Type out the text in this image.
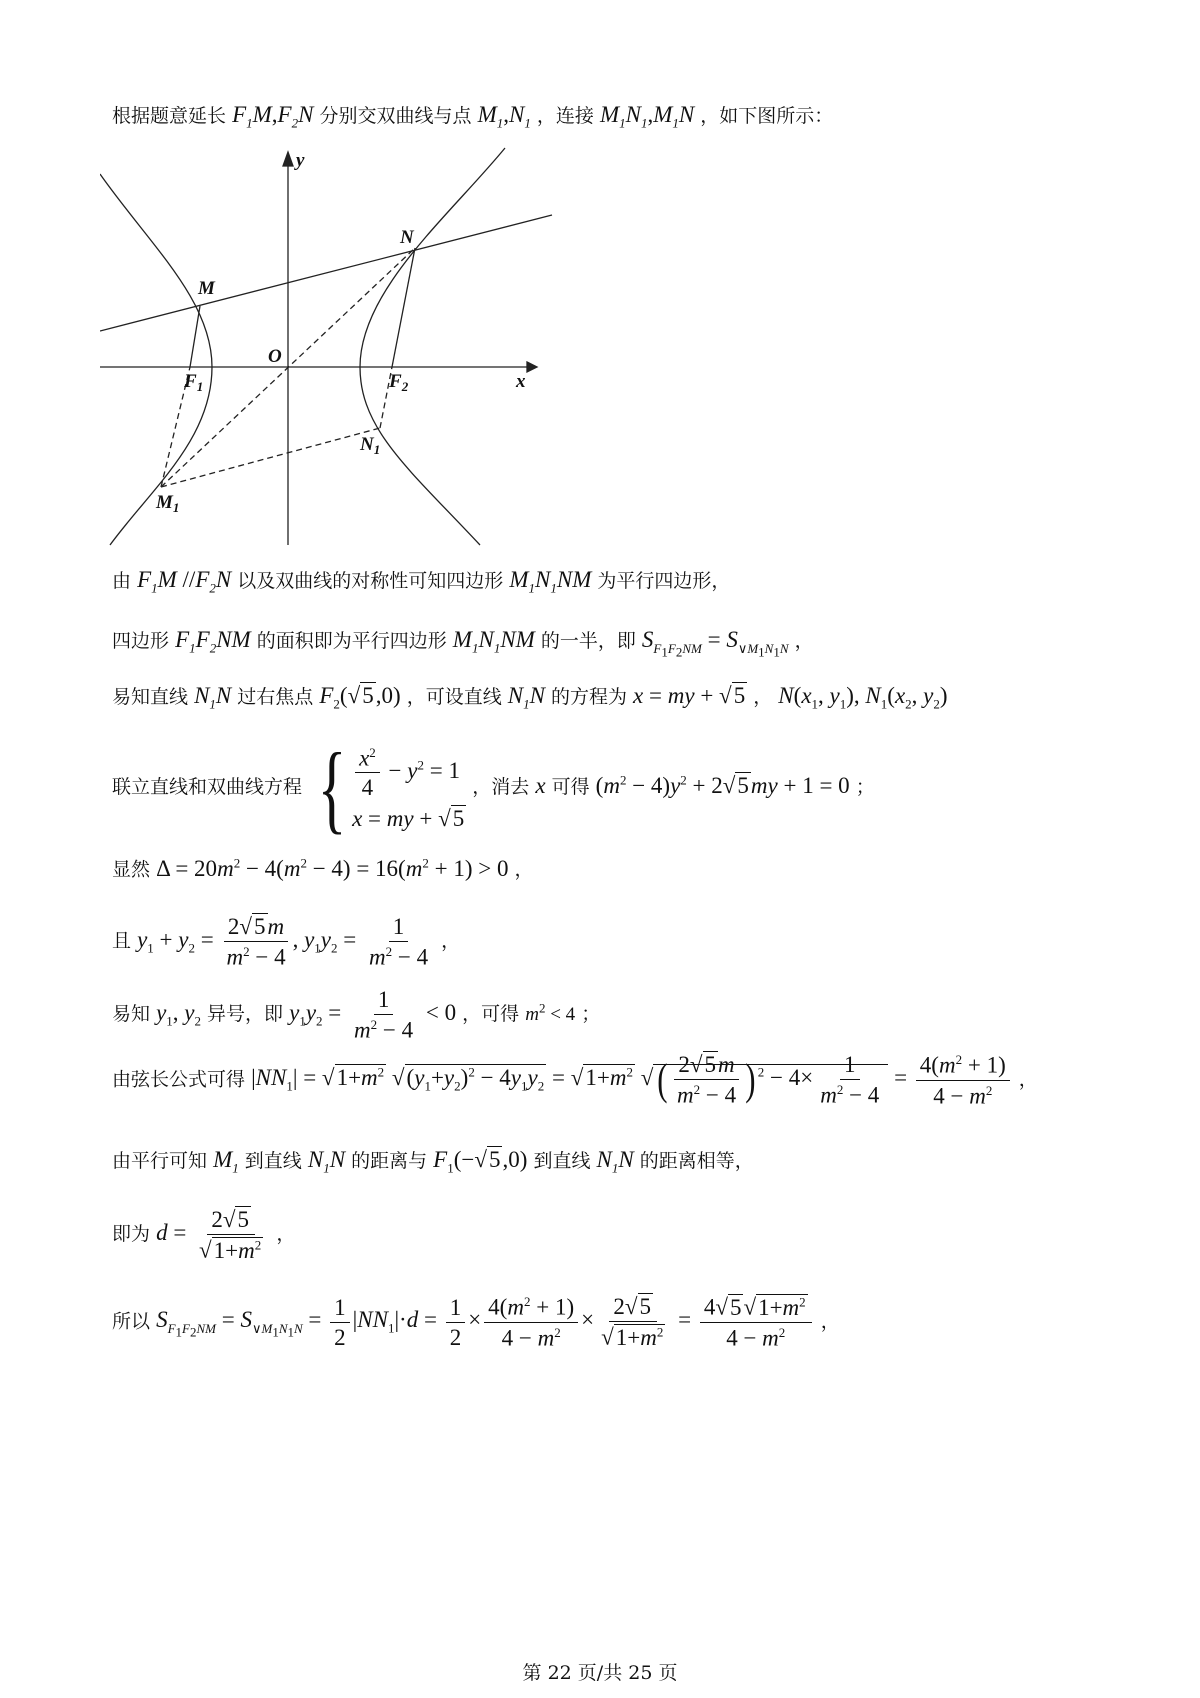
根据题意延长 $F_1M,F_2N$ 分别交双曲线与点 $M_1,N_1$ ，连接 $M_1N_1,M_1N$ ，如下图所示：
y
x
O
M
N
$F_1$	$F_2$
$M_1$
$N_1$
由 $F_1M$ $//F_2N$ 以及双曲线的对称性可知四边形 $M_1N_1NM$ 为平行四边形，
四边形 $F_1F_2NM$ 的面积即为平行四边形 $M_1N_1NM$ 的一半，即 $S_{F_1F_2NM} = S_{\vee M_1N_1N}$ ，
易知直线 $N_1N$ 过右焦点 $F_2(√5,0)$ ，可设直线 $N_1N$ 的方程为 x = my + √5 ， $N(x_1$, $y_1$), $N_1(x_2$, $y_2$)
联立直线和双曲线方程 { $\frac{x^2}{4} - y^2 = 1$
x = my + √5
，消去 x 可得 $(m^2 - 4)y^2 + 2√5my + 1 = 0$ ；
显然 $\Delta = 20m^2 - 4(m^2 - 4) = 16(m^2 + 1) > 0$ ，
且 $y_1 + y_2 = \frac{2√5m}{m^2 - 4}$ , $y_1y_2 = \frac{1}{m^2 - 4}$ ，
易知 $y_1$, $y_2$ 异号，即 $y_1y_2 = \frac{1}{m^2 - 4} < 0$ ，可得 $m^2 < 4$ ；
由弦长公式可得 $|NN_1| = √1+m^2$ $√(y_1+y_2)^2 - 4y_1y_2 = √1+m^2$ √( $\frac{2√5m}{m^2 - 4}$ ) $^2 - 4\times \frac{1}{m^2 - 4} = \frac{4(m^2 + 1)}{4 - m^2}$ ，
由平行可知 $M_1$ 到直线 $N_1N$ 的距离与 $F_1(-√5,0)$ 到直线 $N_1N$ 的距离相等，
即为 $d = \frac{2√5}{√1+m^2}$ ，
所以 $S_{F_1F_2NM} = S_{\vee M_1N_1N} = \frac{1}{2} |NN_1|\cdot d = \frac{1}{2} \times \frac{4(m^2 + 1)}{4 - m^2} \times \frac{2√5}{√1+m^2} = \frac{4√5√1+m^2}{4 - m^2}$ ，
第 22 页/共 25 页
